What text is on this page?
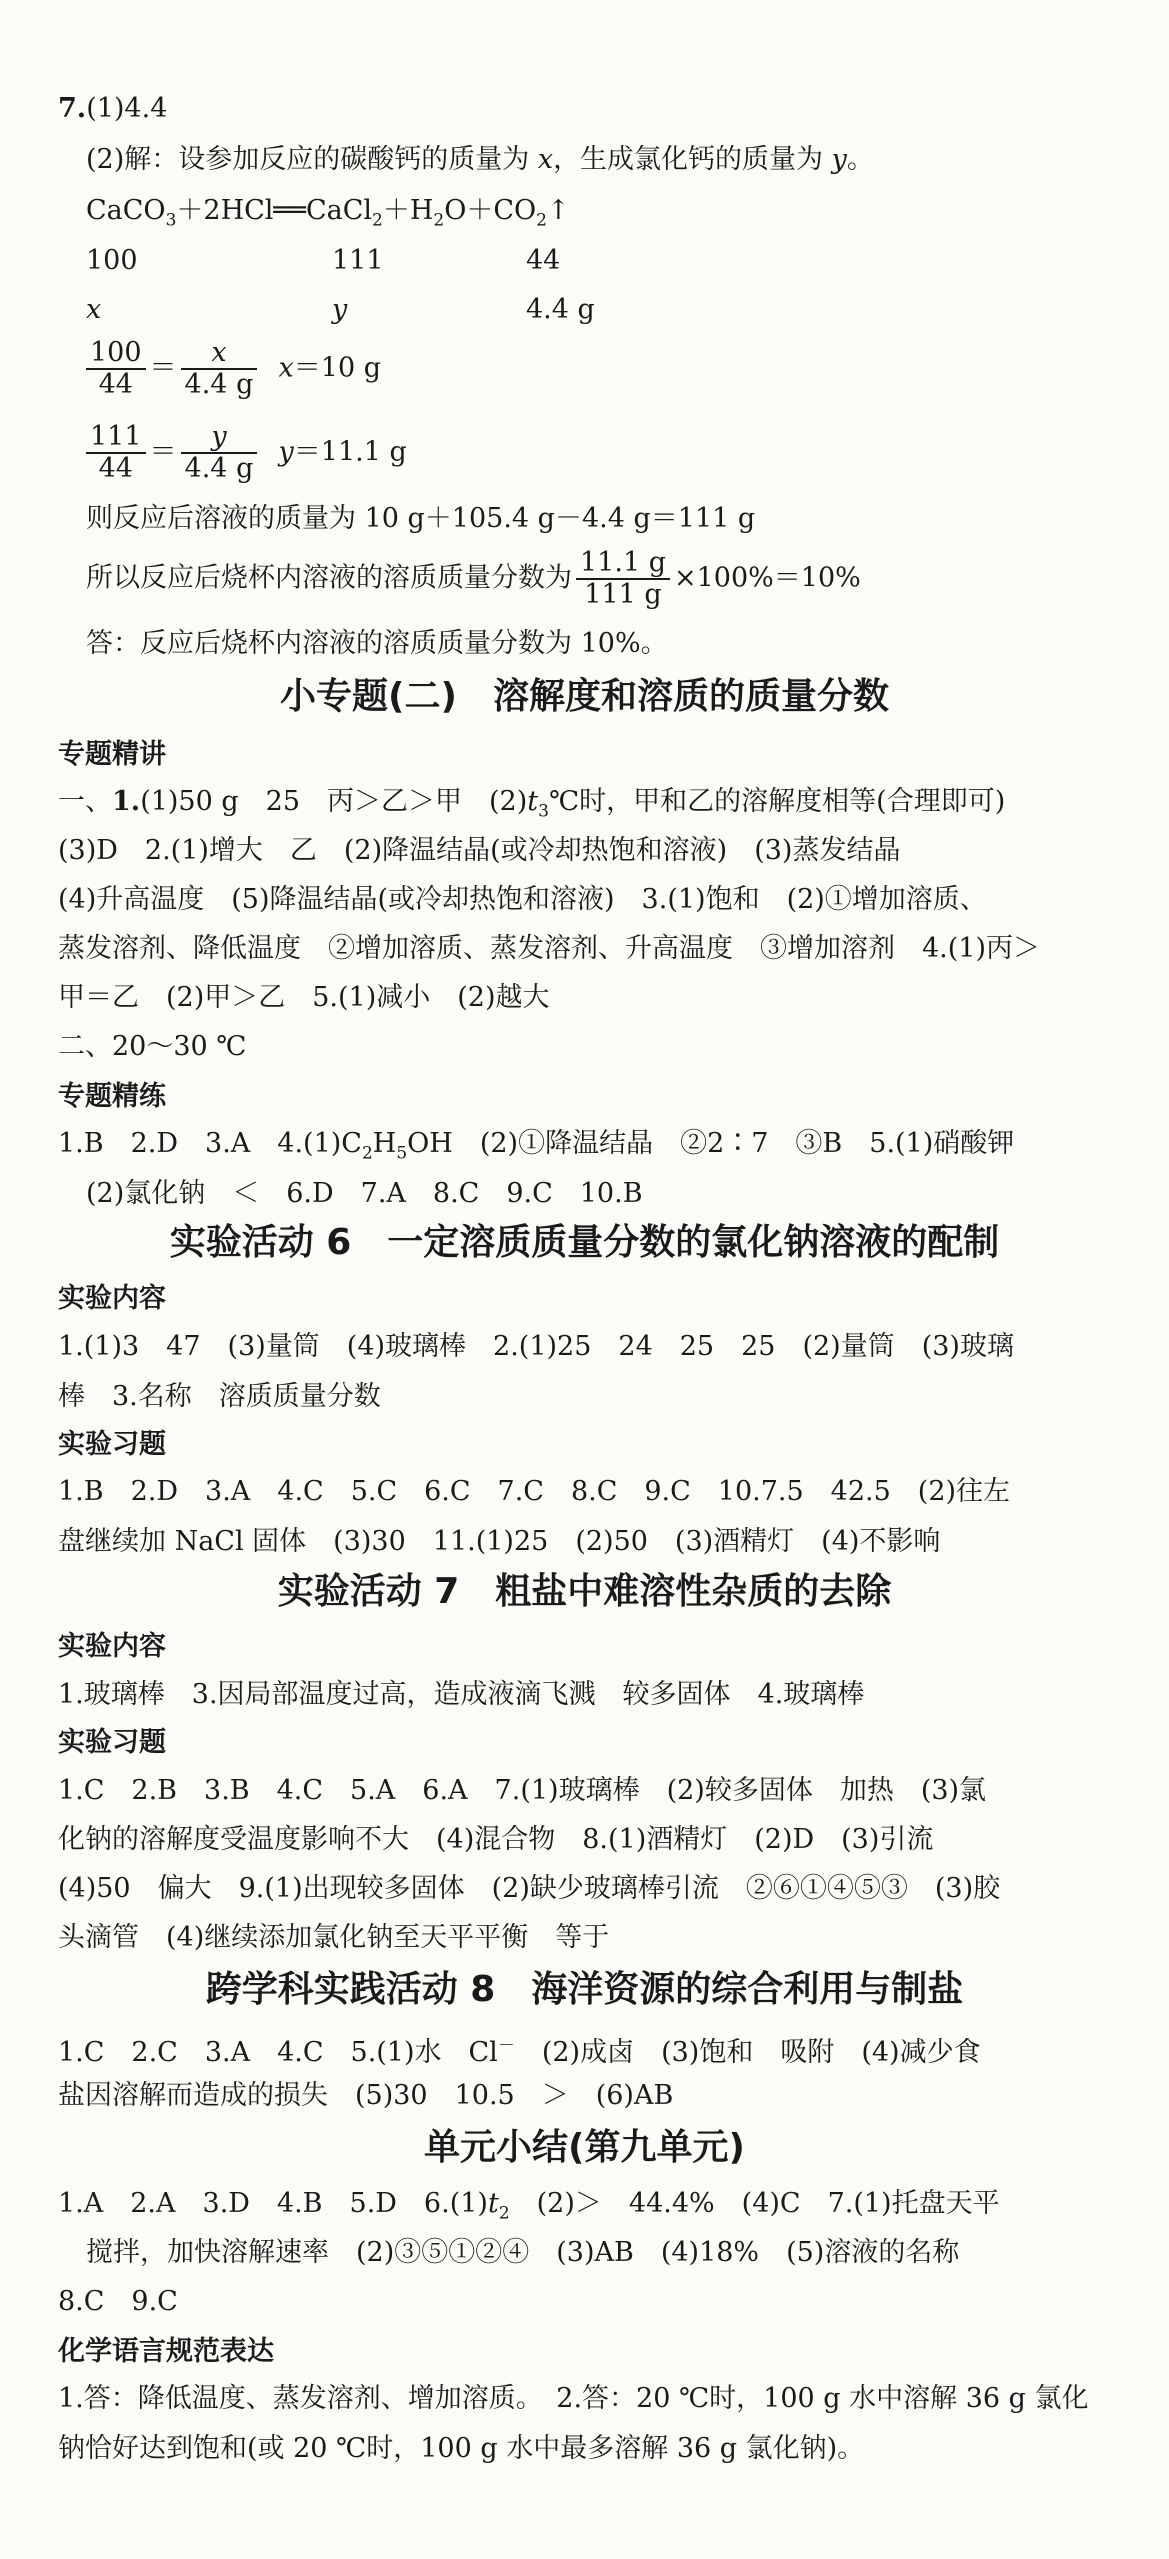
7.(1)4.4
(2)解：设参加反应的碳酸钙的质量为 x，生成氯化钙的质量为 y。
$CaCO_3+2HCl══CaCl_2+H_2O+CO_2↑$
100	111	44
x	y	4.4 g
$\frac{100}{44} = \frac{x}{4.4 g} x=10$ g
$\frac{111}{44} = \frac{y}{4.4 g} y=11.1$ g
则反应后溶液的质量为 10 g＋105.4 g－4.4 g＝111 g
所以反应后烧杯内溶液的溶质质量分数为 $\frac{11.1 g}{111 g} \times 100\%=10\%$
答：反应后烧杯内溶液的溶质质量分数为 10%。
小专题(二)　溶解度和溶质的质量分数
专题精讲
一、1.(1)50 g　25　丙＞乙＞甲　$(2)t_3℃$时，甲和乙的溶解度相等(合理即可)
(3)D　2.(1)增大　乙　(2)降温结晶(或冷却热饱和溶液)　(3)蒸发结晶
(4)升高温度　(5)降温结晶(或冷却热饱和溶液)　3.(1)饱和　(2)①增加溶质、
蒸发溶剂、降低温度　②增加溶质、蒸发溶剂、升高温度　③增加溶剂　4.(1)丙＞
甲＝乙　(2)甲＞乙　5.(1)减小　(2)越大
二、20～30 ℃
专题精练
1.B　2.D　3.A　$4.(1)C_2H_5OH$　(2)①降温结晶　②2∶7　③B　5.(1)硝酸钾
(2)氯化钠　＜　6.D　7.A　8.C　9.C　10.B
实验活动 6　一定溶质质量分数的氯化钠溶液的配制
实验内容
1.(1)3　47　(3)量筒　(4)玻璃棒　2.(1)25　24　25　25　(2)量筒　(3)玻璃
棒　3.名称　溶质质量分数
实验习题
1.B　2.D　3.A　4.C　5.C　6.C　7.C　8.C　9.C　10.7.5　42.5　(2)往左
盘继续加 NaCl 固体　(3)30　11.(1)25　(2)50　(3)酒精灯　(4)不影响
实验活动 7　粗盐中难溶性杂质的去除
实验内容
1.玻璃棒　3.因局部温度过高，造成液滴飞溅　较多固体　4.玻璃棒
实验习题
1.C　2.B　3.B　4.C　5.A　6.A　7.(1)玻璃棒　(2)较多固体　加热　(3)氯
化钠的溶解度受温度影响不大　(4)混合物　8.(1)酒精灯　(2)D　(3)引流
(4)50　偏大　9.(1)出现较多固体　(2)缺少玻璃棒引流　②⑥①④⑤③　(3)胶
头滴管　(4)继续添加氯化钠至天平平衡　等于
跨学科实践活动 8　海洋资源的综合利用与制盐
1.C　2.C　3.A　4.C　5.(1)水　Cl－　(2)成卤　(3)饱和　吸附　(4)减少食
盐因溶解而造成的损失　(5)30　10.5　＞　(6)AB
单元小结(第九单元)
1.A　2.A　3.D　4.B　5.D　$6.(1)t_2$　(2)＞　44.4%　(4)C　7.(1)托盘天平
搅拌，加快溶解速率　(2)③⑤①②④　(3)AB　(4)18%　(5)溶液的名称
8.C　9.C
化学语言规范表达
1.答：降低温度、蒸发溶剂、增加溶质。　2.答：20 ℃时，100 g 水中溶解 36 g 氯化
钠恰好达到饱和(或 20 ℃时，100 g 水中最多溶解 36 g 氯化钠)。
